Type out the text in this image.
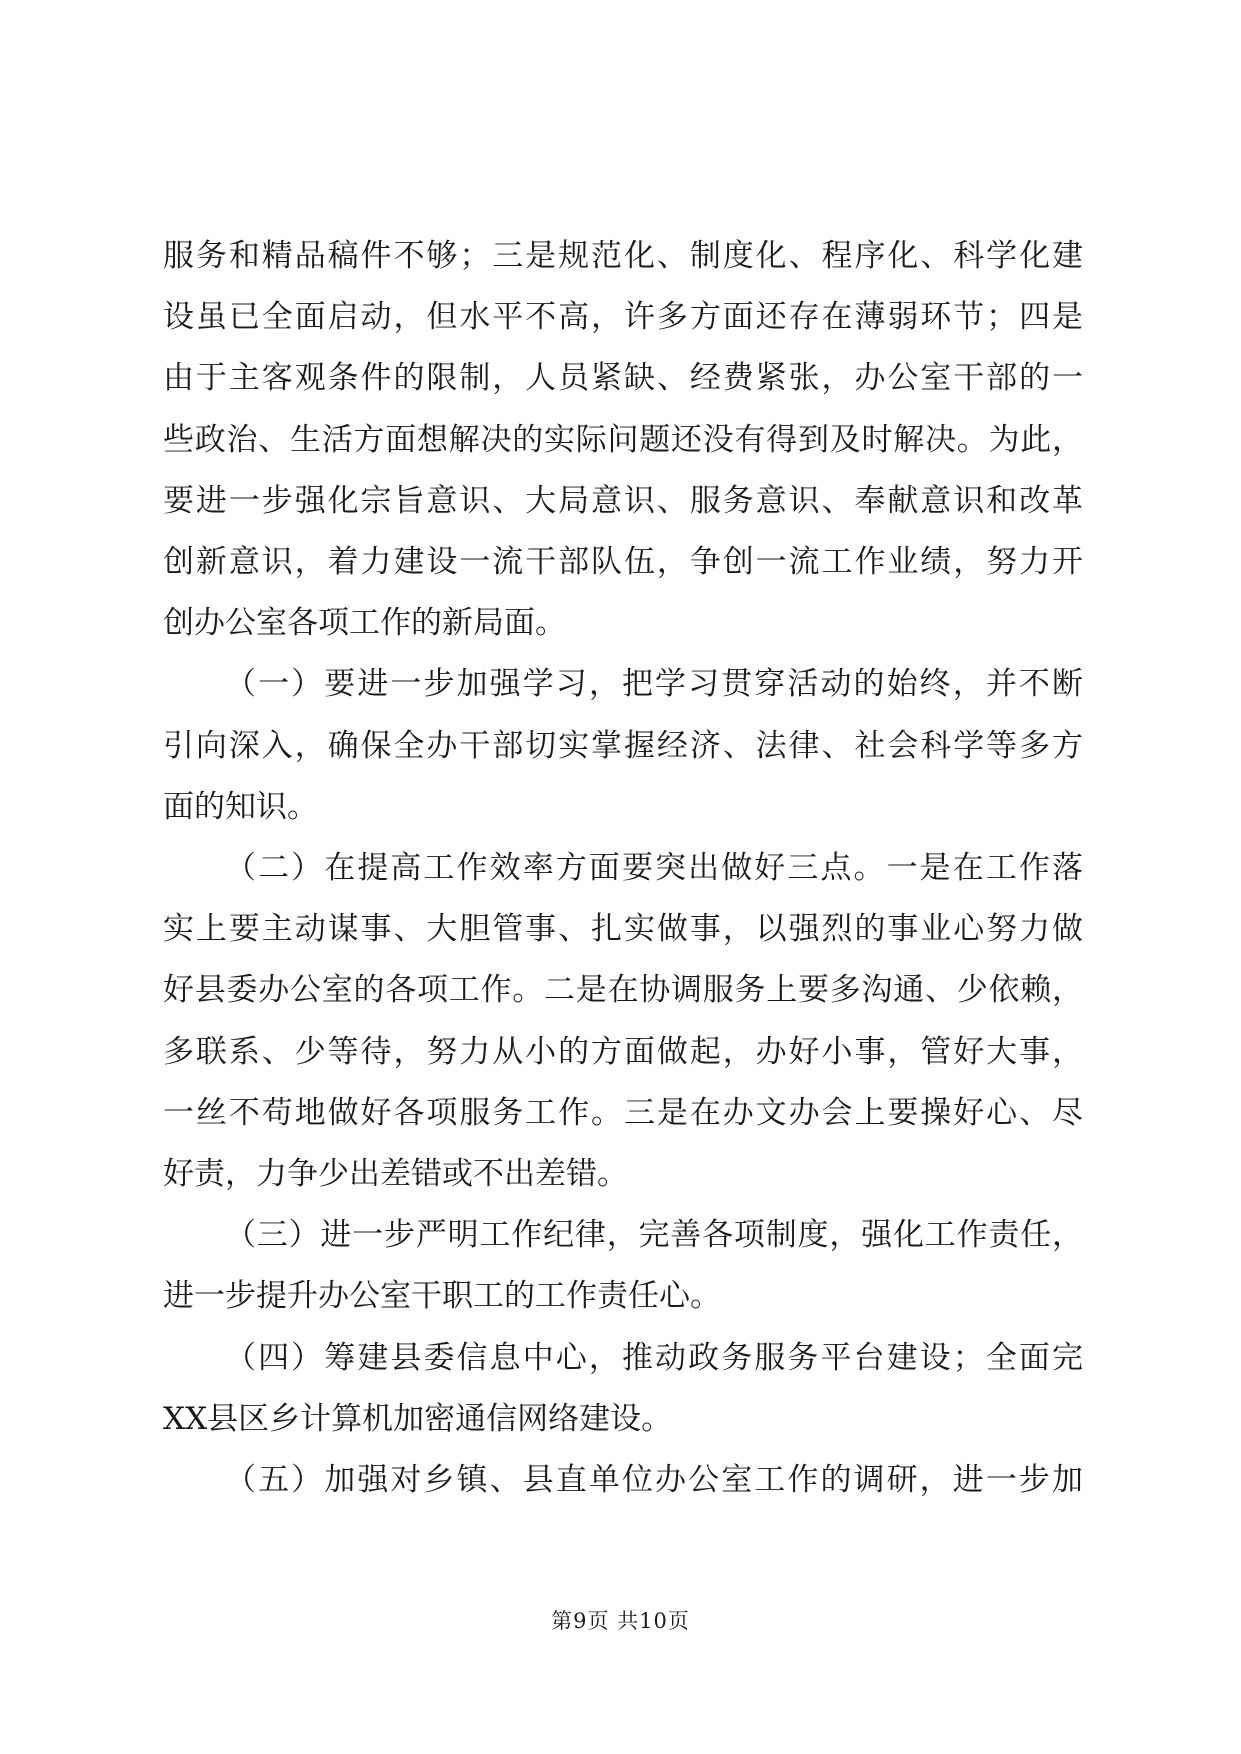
服务和精品稿件不够；三是规范化、制度化、程序化、科学化建

设虽已全面启动，但水平不高，许多方面还存在薄弱环节；四是

由于主客观条件的限制，人员紧缺、经费紧张，办公室干部的一

些政治、生活方面想解决的实际问题还没有得到及时解决。为此，

要进一步强化宗旨意识、大局意识、服务意识、奉献意识和改革

创新意识，着力建设一流干部队伍，争创一流工作业绩，努力开

创办公室各项工作的新局面。

（一）要进一步加强学习，把学习贯穿活动的始终，并不断

引向深入，确保全办干部切实掌握经济、法律、社会科学等多方

面的知识。

（二）在提高工作效率方面要突出做好三点。一是在工作落

实上要主动谋事、大胆管事、扎实做事，以强烈的事业心努力做

好县委办公室的各项工作。二是在协调服务上要多沟通、少依赖，

多联系、少等待，努力从小的方面做起，办好小事，管好大事，

一丝不苟地做好各项服务工作。三是在办文办会上要操好心、尽

好责，力争少出差错或不出差错。

（三）进一步严明工作纪律，完善各项制度，强化工作责任，

进一步提升办公室干职工的工作责任心。

（四）筹建县委信息中心，推动政务服务平台建设；全面完

XX县区乡计算机加密通信网络建设。

（五）加强对乡镇、县直单位办公室工作的调研，进一步加

第9页 共10页
